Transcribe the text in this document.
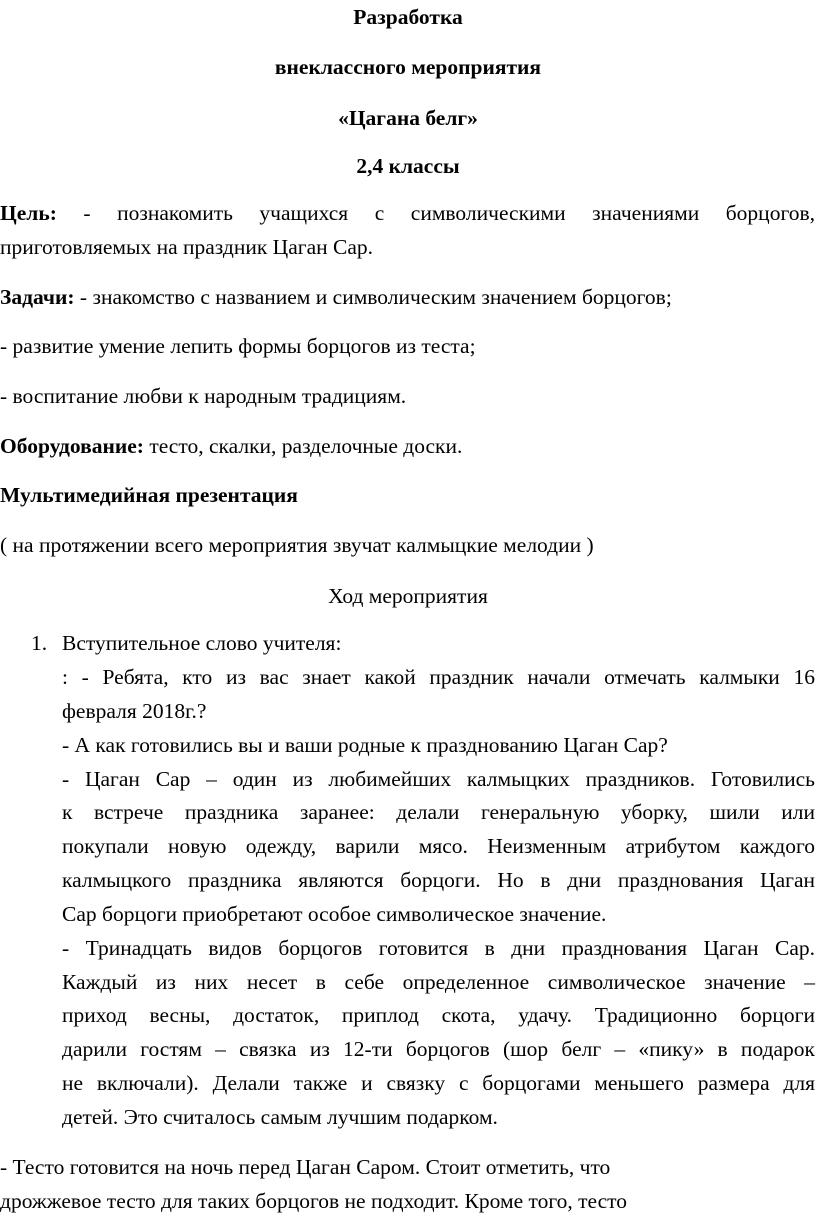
Разработка
внеклассного мероприятия
«Цагана белг»
2,4 классы
Цель: - познакомить учащихся с символическими значениями борцогов,
приготовляемых на праздник Цаган Сар.
Задачи: - знакомство с названием и символическим значением борцогов;
- развитие умение лепить формы борцогов из теста;
- воспитание любви к народным традициям.
Оборудование: тесто, скалки, разделочные доски.
Мультимедийная презентация
( на протяжении всего мероприятия звучат калмыцкие мелодии )
Ход мероприятия
1. Вступительное слово учителя:
: - Ребята, кто из вас знает какой праздник начали отмечать калмыки 16
февраля 2018г.?
- А как готовились вы и ваши родные к празднованию Цаган Сар?
- Цаган Сар – один из любимейших калмыцких праздников. Готовились
к встрече праздника заранее: делали генеральную уборку, шили или
покупали новую одежду, варили мясо. Неизменным атрибутом каждого
калмыцкого праздника являются борцоги. Но в дни празднования Цаган
Сар борцоги приобретают особое символическое значение.
- Тринадцать видов борцогов готовится в дни празднования Цаган Сар.
Каждый из них несет в себе определенное символическое значение –
приход весны, достаток, приплод скота, удачу. Традиционно борцоги
дарили гостям – связка из 12-ти борцогов (шор белг – «пику» в подарок
не включали). Делали также и связку с борцогами меньшего размера для
детей. Это считалось самым лучшим подарком.
- Тесто готовится на ночь перед Цаган Саром. Стоит отметить, что
дрожжевое тесто для таких борцогов не подходит. Кроме того, тесто
